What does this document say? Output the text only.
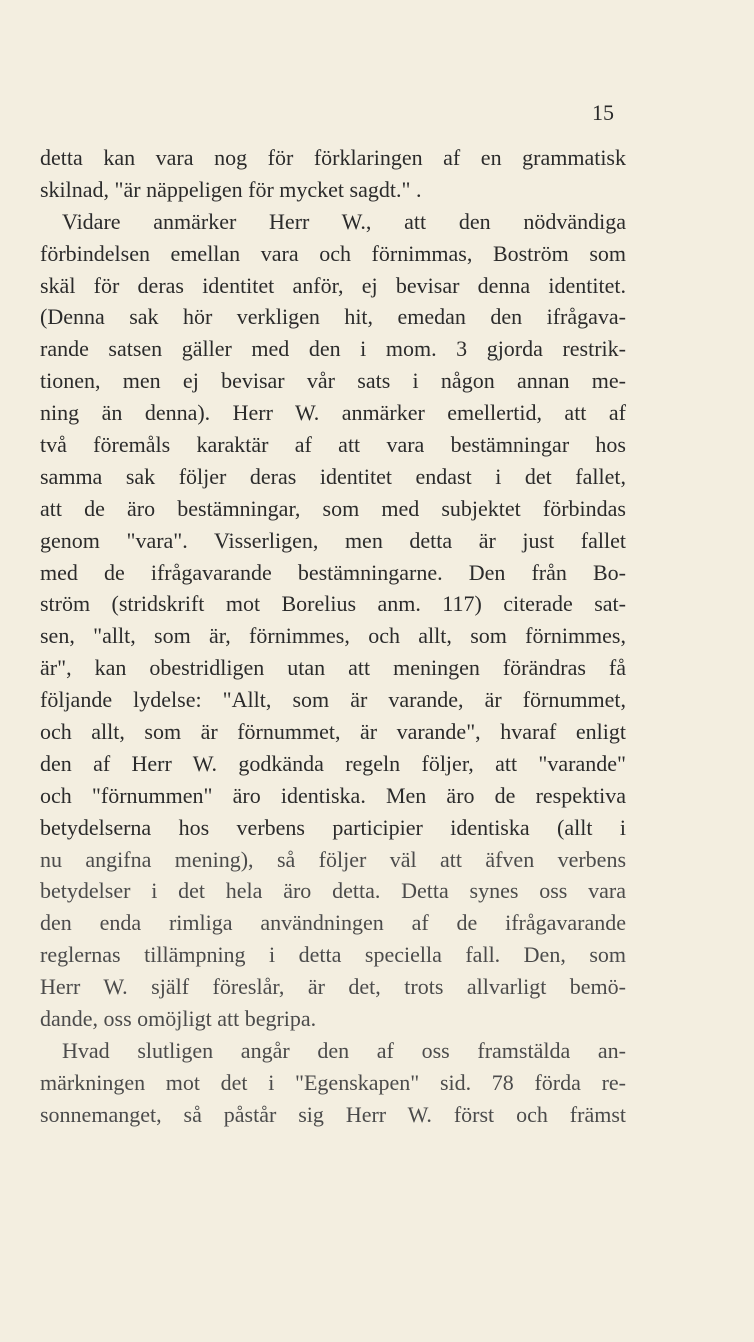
15
detta kan vara nog för förklaringen af en grammatisk
skilnad, "är näppeligen för mycket sagdt." .
Vidare anmärker Herr W., att den nödvändiga
förbindelsen emellan vara och förnimmas, Boström som
skäl för deras identitet anför, ej bevisar denna identitet.
(Denna sak hör verkligen hit, emedan den ifrågava-
rande satsen gäller med den i mom. 3 gjorda restrik-
tionen, men ej bevisar vår sats i någon annan me-
ning än denna). Herr W. anmärker emellertid, att af
två föremåls karaktär af att vara bestämningar hos
samma sak följer deras identitet endast i det fallet,
att de äro bestämningar, som med subjektet förbindas
genom "vara". Visserligen, men detta är just fallet
med de ifrågavarande bestämningarne. Den från Bo-
ström (stridskrift mot Borelius anm. 117) citerade sat-
sen, "allt, som är, förnimmes, och allt, som förnimmes,
är", kan obestridligen utan att meningen förändras få
följande lydelse: "Allt, som är varande, är förnummet,
och allt, som är förnummet, är varande", hvaraf enligt
den af Herr W. godkända regeln följer, att "varande"
och "förnummen" äro identiska. Men äro de respektiva
betydelserna hos verbens participier identiska (allt i
nu angifna mening), så följer väl att äfven verbens
betydelser i det hela äro detta. Detta synes oss vara
den enda rimliga användningen af de ifrågavarande
reglernas tillämpning i detta speciella fall. Den, som
Herr W. själf föreslår, är det, trots allvarligt bemö-
dande, oss omöjligt att begripa.
Hvad slutligen angår den af oss framstälda an-
märkningen mot det i "Egenskapen" sid. 78 förda re-
sonnemanget, så påstår sig Herr W. först och främst
